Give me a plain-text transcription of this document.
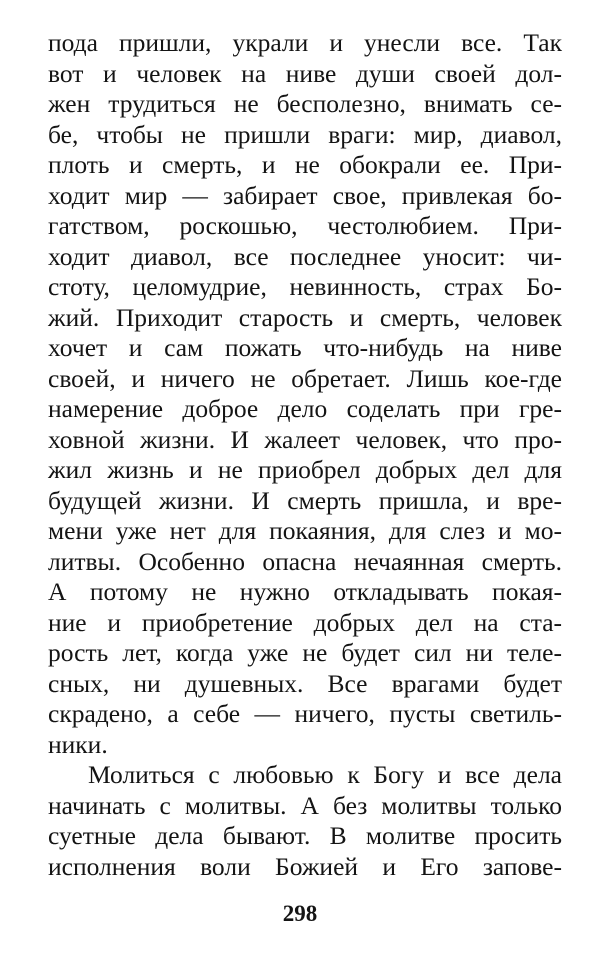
пода пришли, украли и унесли все. Так
вот и человек на ниве души своей дол-
жен трудиться не бесполезно, внимать се-
бе, чтобы не пришли враги: мир, диавол,
плоть и смерть, и не обокрали ее. При-
ходит мир — забирает свое, привлекая бо-
гатством, роскошью, честолюбием. При-
ходит диавол, все последнее уносит: чи-
стоту, целомудрие, невинность, страх Бо-
жий. Приходит старость и смерть, человек
хочет и сам пожать что-нибудь на ниве
своей, и ничего не обретает. Лишь кое-где
намерение доброе дело соделать при гре-
ховной жизни. И жалеет человек, что про-
жил жизнь и не приобрел добрых дел для
будущей жизни. И смерть пришла, и вре-
мени уже нет для покаяния, для слез и мо-
литвы. Особенно опасна нечаянная смерть.
А потому не нужно откладывать покая-
ние и приобретение добрых дел на ста-
рость лет, когда уже не будет сил ни теле-
сных, ни душевных. Все врагами будет
скрадено, а себе — ничего, пусты светиль-
ники.
Молиться с любовью к Богу и все дела
начинать с молитвы. А без молитвы только
суетные дела бывают. В молитве просить
исполнения воли Божией и Его запове-
298
